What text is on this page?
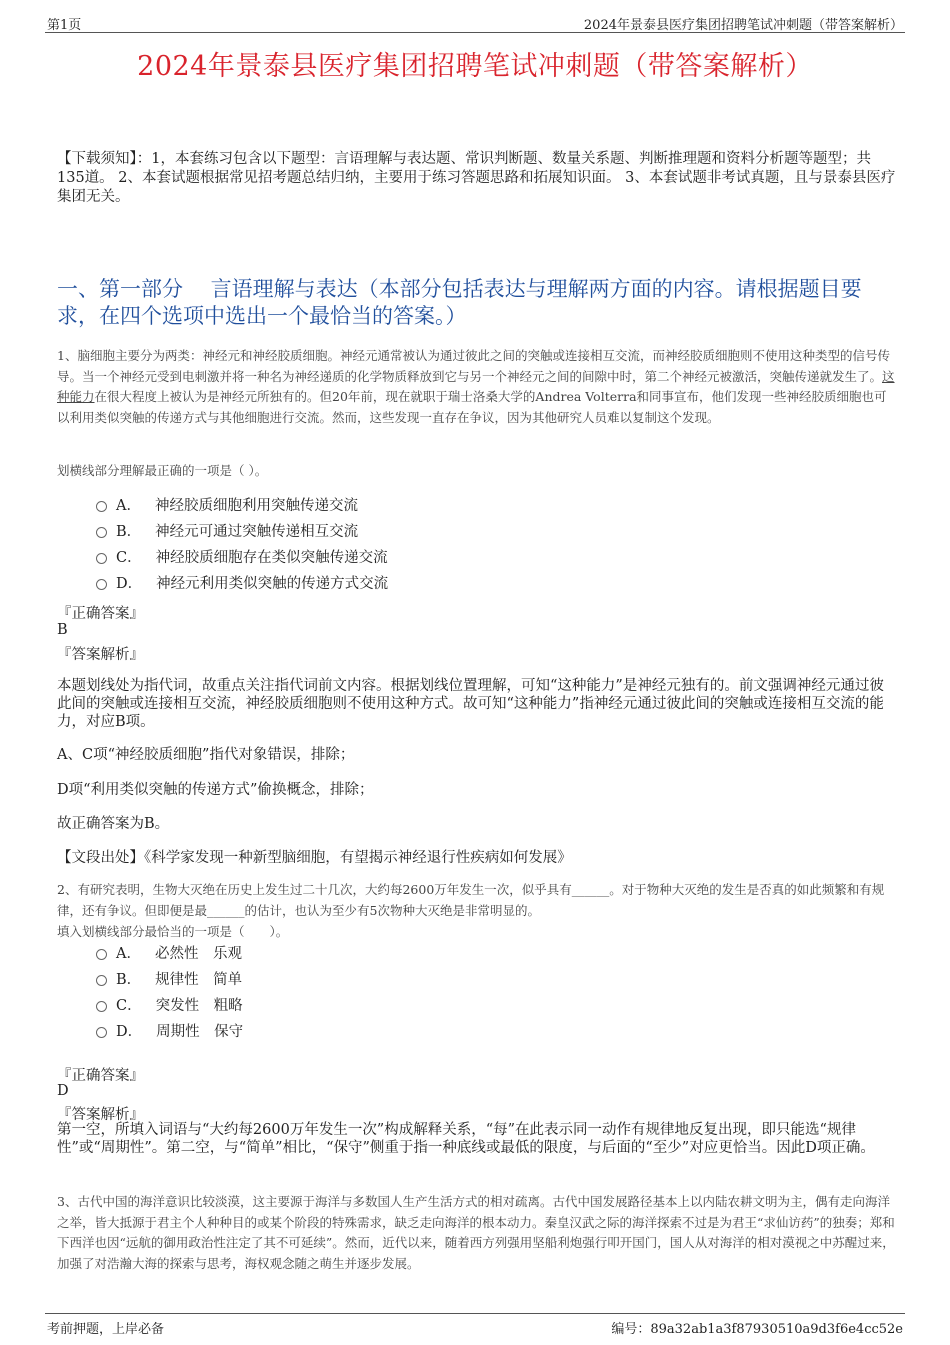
第1页	2024年景泰县医疗集团招聘笔试冲刺题（带答案解析）
2024年景泰县医疗集团招聘笔试冲刺题（带答案解析）
【下载须知】：1，本套练习包含以下题型：言语理解与表达题、常识判断题、数量关系题、判断推理题和资料分析题等题型；共135道。 2、本套试题根据常见招考题总结归纳，主要用于练习答题思路和拓展知识面。 3、本套试题非考试真题，且与景泰县医疗集团无关。
一、第一部分　 言语理解与表达（本部分包括表达与理解两方面的内容。请根据题目要求，在四个选项中选出一个最恰当的答案。）
1、脑细胞主要分为两类：神经元和神经胶质细胞。神经元通常被认为通过彼此之间的突触或连接相互交流，而神经胶质细胞则不使用这种类型的信号传导。当一个神经元受到电刺激并将一种名为神经递质的化学物质释放到它与另一个神经元之间的间隙中时，第二个神经元被激活，突触传递就发生了。这种能力在很大程度上被认为是神经元所独有的。但20年前，现在就职于瑞士洛桑大学的Andrea Volterra和同事宣布，他们发现一些神经胶质细胞也可以利用类似突触的传递方式与其他细胞进行交流。然而，这些发现一直存在争议，因为其他研究人员难以复制这个发现。
划横线部分理解最正确的一项是（ ）。
A． 神经胶质细胞利用突触传递交流
B． 神经元可通过突触传递相互交流
C． 神经胶质细胞存在类似突触传递交流
D． 神经元利用类似突触的传递方式交流
『正确答案』
B
『答案解析』
本题划线处为指代词，故重点关注指代词前文内容。根据划线位置理解，可知“这种能力”是神经元独有的。前文强调神经元通过彼此间的突触或连接相互交流，神经胶质细胞则不使用这种方式。故可知“这种能力”指神经元通过彼此间的突触或连接相互交流的能力，对应B项。
A、C项“神经胶质细胞”指代对象错误，排除；
D项“利用类似突触的传递方式”偷换概念，排除；
故正确答案为B。
【文段出处】《科学家发现一种新型脑细胞，有望揭示神经退行性疾病如何发展》
2、有研究表明，生物大灭绝在历史上发生过二十几次，大约每2600万年发生一次，似乎具有______。对于物种大灭绝的发生是否真的如此频繁和有规律，还有争议。但即便是最______的估计，也认为至少有5次物种大灭绝是非常明显的。
填入划横线部分最恰当的一项是（　　）。
A． 必然性　乐观
B． 规律性　简单
C． 突发性　粗略
D． 周期性　保守
『正确答案』
D
『答案解析』
第一空，所填入词语与“大约每2600万年发生一次”构成解释关系，“每”在此表示同一动作有规律地反复出现，即只能选“规律性”或“周期性”。第二空，与“简单”相比，“保守”侧重于指一种底线或最低的限度，与后面的“至少”对应更恰当。因此D项正确。
3、古代中国的海洋意识比较淡漠，这主要源于海洋与多数国人生产生活方式的相对疏离。古代中国发展路径基本上以内陆农耕文明为主，偶有走向海洋之举，皆大抵源于君主个人种种目的或某个阶段的特殊需求，缺乏走向海洋的根本动力。秦皇汉武之际的海洋探索不过是为君王“求仙访药”的独奏；郑和下西洋也因“远航的御用政治性注定了其不可延续”。然而，近代以来，随着西方列强用坚船利炮强行叩开国门，国人从对海洋的相对漠视之中苏醒过来，加强了对浩瀚大海的探索与思考，海权观念随之萌生并逐步发展。
考前押题，上岸必备	编号：89a32ab1a3f87930510a9d3f6e4cc52e
